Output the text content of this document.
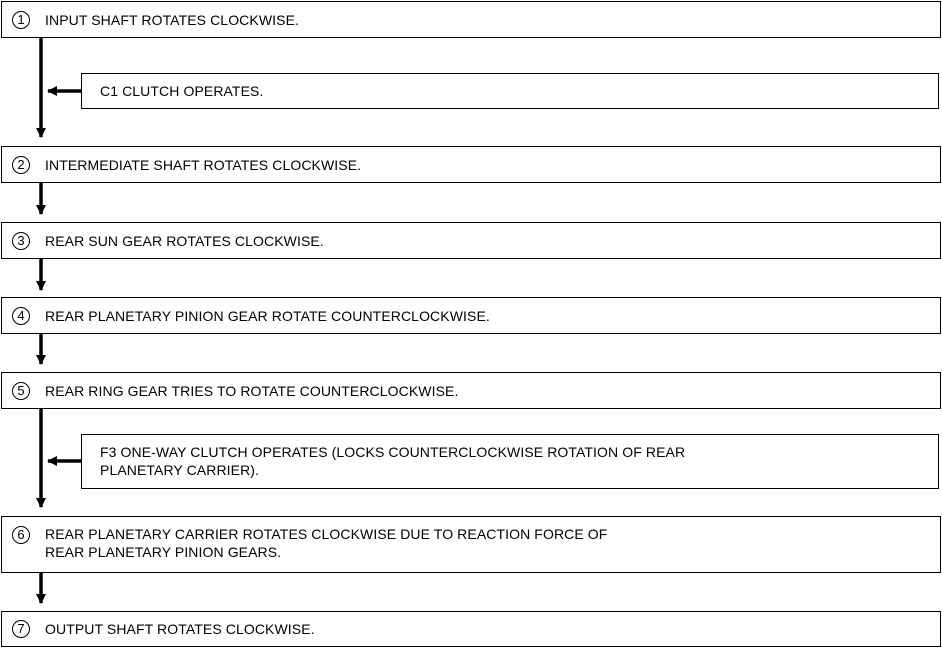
1	INPUT SHAFT ROTATES CLOCKWISE.
C1 CLUTCH OPERATES.
2	INTERMEDIATE SHAFT ROTATES CLOCKWISE.
3	REAR SUN GEAR ROTATES CLOCKWISE.
4	REAR PLANETARY PINION GEAR ROTATE COUNTERCLOCKWISE.
5	REAR RING GEAR TRIES TO ROTATE COUNTERCLOCKWISE.
F3 ONE-WAY CLUTCH OPERATES (LOCKS COUNTERCLOCKWISE ROTATION OF REAR
PLANETARY CARRIER).
6	REAR PLANETARY CARRIER ROTATES CLOCKWISE DUE TO REACTION FORCE OF
REAR PLANETARY PINION GEARS.
7	OUTPUT SHAFT ROTATES CLOCKWISE.
